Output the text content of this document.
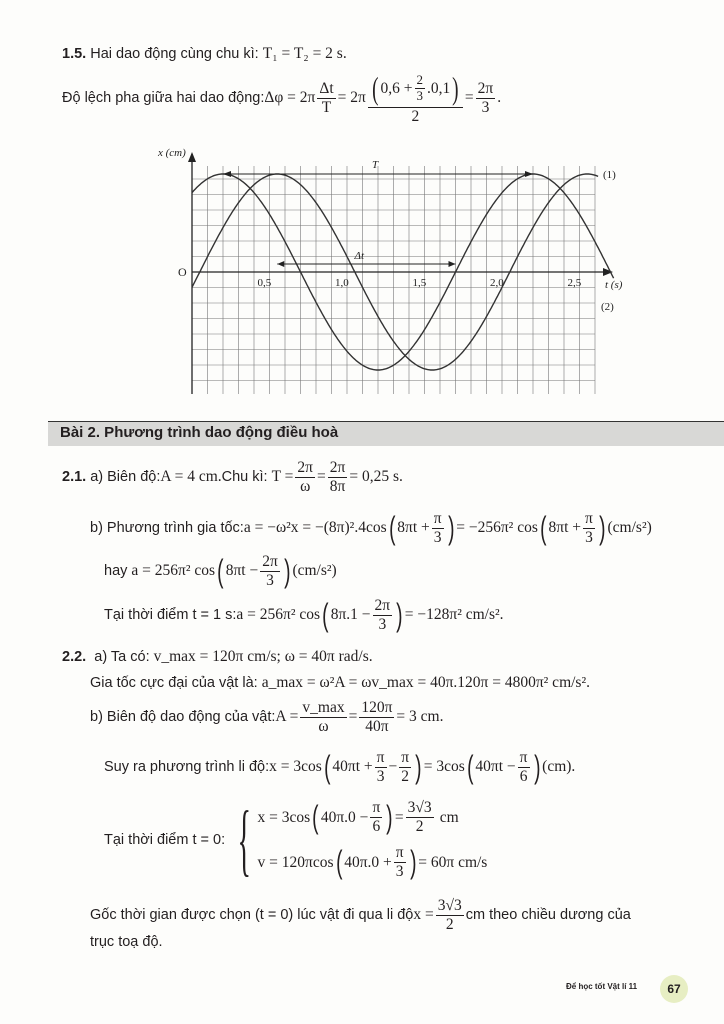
1.5. Hai dao động cùng chu kì: T₁ = T₂ = 2 s.
Độ lệch pha giữa hai dao động: $\Delta\varphi = 2\pi \frac{\Delta t}{T} = 2\pi$ ( $0,6 + \frac{2}{3} .0,1$ )
2
= $\frac{2\pi}{3}$ .
x (cm)
t (s)
O
0,5	1,0	1,5	2,0	2,5
(1)
(2)
T
Δt
Bài 2. Phương trình dao động điều hoà
2.1.
a) Biên độ: A = 4 cm. Chu kì:
$T = \frac{2\pi}{\omega} = \frac{2\pi}{8\pi} = 0,25$ s.
b) Phương trình gia tốc: a = −ω²x = −(8π)².4cos ( $8\pi t + \frac{\pi}{3}$ ) = −256π² cos ( $8\pi t + \frac{\pi}{3}$ ) (cm/s²)
hay
a = 256π² cos ( $8\pi t - \frac{2\pi}{3}$ ) (cm/s²)
Tại thời điểm t = 1 s: a = 256π² cos ( $8\pi.1 - \frac{2\pi}{3}$ ) = −128π² cm/s².
2.2. a) Ta có: v_max = 120π cm/s; ω = 40π rad/s.
Gia tốc cực đại của vật là: a_max = ω²A = ωv_max = 40π.120π = 4800π² cm/s².
b) Biên độ dao động của vật: $A = \frac{v\_\max}{\omega} = \frac{120\pi}{40\pi} = 3$ cm.
Suy ra phương trình li độ: x = 3cos ( $40\pi t + \frac{\pi}{3} - \frac{\pi}{2}$ ) = 3cos ( $40\pi t - \frac{\pi}{6}$ ) (cm).
Tại thời điểm t = 0: { x = 3cos ( $40\pi.0 - \frac{\pi}{6}$ ) = $\frac{3√3}{2}$ cm
v = 120πcos ( $40\pi.0 + \frac{\pi}{3}$ ) = 60π cm/s
Gốc thời gian được chọn (t = 0) lúc vật đi qua li độ $x = \frac{3√3}{2}$ cm theo chiều dương của
trục toạ độ.
Để học tốt Vật lí 11	67
